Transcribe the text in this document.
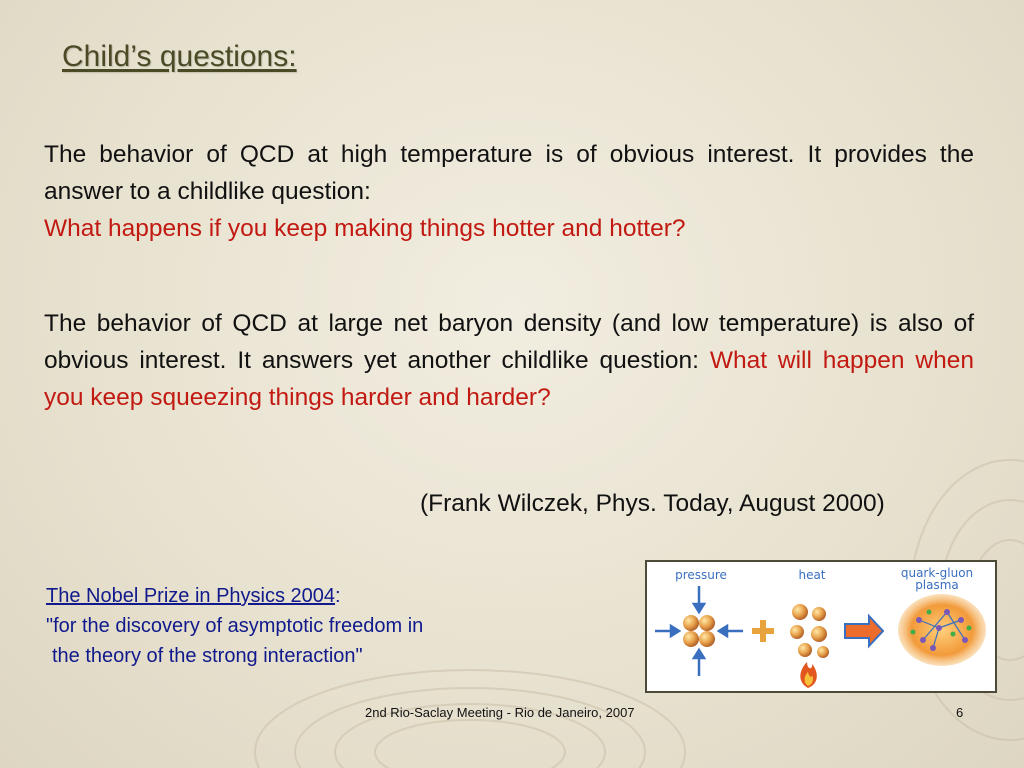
Child’s questions:

The behavior of QCD at high temperature is of obvious interest. It provides the answer to a childlike question:
What happens if you keep making things hotter and hotter?

The behavior of QCD at large net baryon density (and low temperature) is also of obvious interest. It answers yet another childlike question: What will happen when you keep squeezing things harder and harder?

(Frank Wilczek, Phys. Today, August 2000)

The Nobel Prize in Physics 2004:
"for the discovery of asymptotic freedom in
the theory of the strong interaction"

pressure	heat	quark-gluon
plasma

2nd Rio-Saclay Meeting - Rio de Janeiro, 2007	6
